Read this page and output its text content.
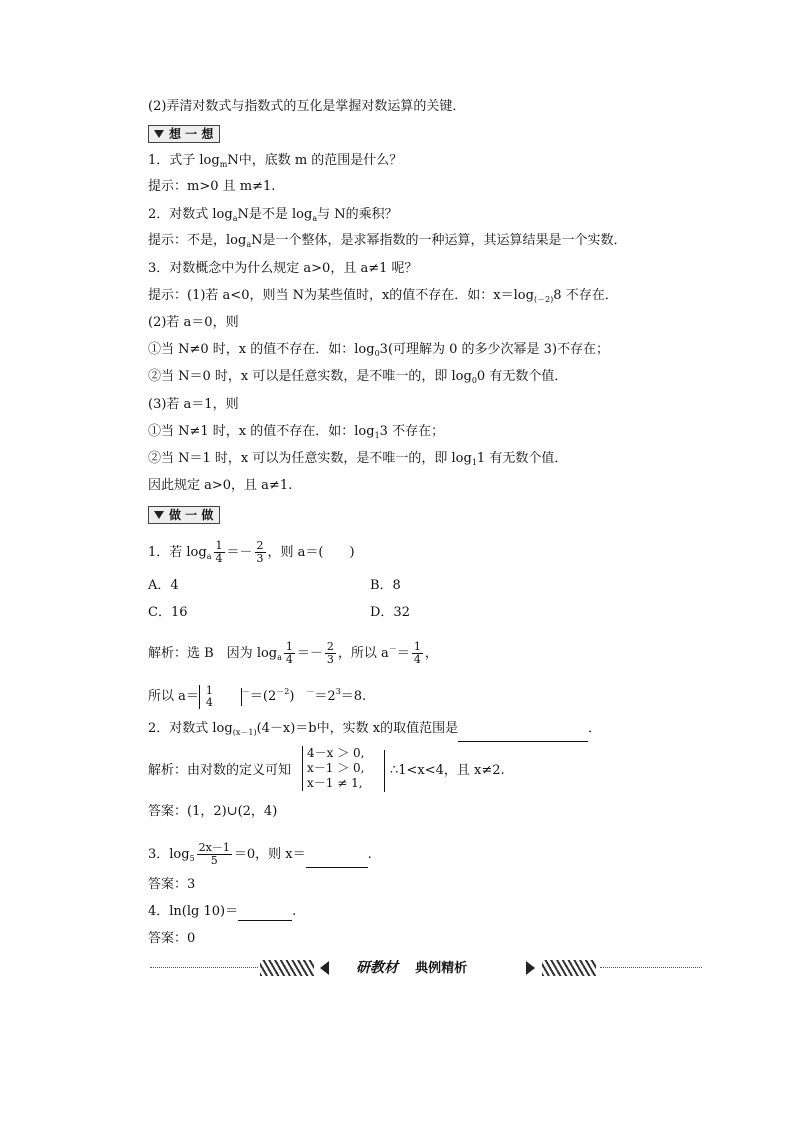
(2)弄清对数式与指数式的互化是掌握对数运算的关键．
想 一 想
1．式子 $\log_mN$中，底数 m 的范围是什么？
提示：m>0 且 m≠1.
2．对数式 $\log_aN$是不是 $\log_a$与 N的乘积？
提示：不是，$\log_aN$是一个整体，是求幂指数的一种运算，其运算结果是一个实数．
3．对数概念中为什么规定 a>0，且 a≠1 呢？
提示：(1)若 a<0，则当 N为某些值时，x的值不存在．如：$x=\log_{(-2)}8$ 不存在．
(2)若 a＝0，则
①当 N≠0 时，x 的值不存在．如：$\log_03$(可理解为 0 的多少次幂是 3)不存在；
②当 N＝0 时，x 可以是任意实数，是不唯一的，即 $\log_00$ 有无数个值．
(3)若 a＝1，则
①当 N≠1 时，x 的值不存在．如：$\log_13$ 不存在；
②当 N＝1 时，x 可以为任意实数，是不唯一的，即 $\log_11$ 有无数个值．
因此规定 a>0，且 a≠1.
做 一 做
1．若 $\log_a \frac{1}{4} =- \frac{2}{3}$ ，则 a＝(　　)
A．4	B．8
C．16	D．32
解析：选 B　因为 $\log_a \frac{1}{4} =- \frac{2}{3}$ ，所以 $a^-= \frac{1}{4}$ ，
所以 a＝ 1
4
$^-=(2^{-2})$ $^-=2^3=8$.
2．对数式 $\log_{(x-1)}(4-x)=b$中，实数 x的取值范围是	．
解析：由对数的定义可知
4－x ＞ 0,
x－1 ＞ 0,
x－1 ≠ 1,
∴1<x<4，且 x≠2.
答案：(1，2)∪(2，4)
3．$\log_5 \frac{2x-1}{5} =0$，则 x＝	.
答案：3
4．ln(lg 10)＝	.
答案：0
研教材 典例精析
